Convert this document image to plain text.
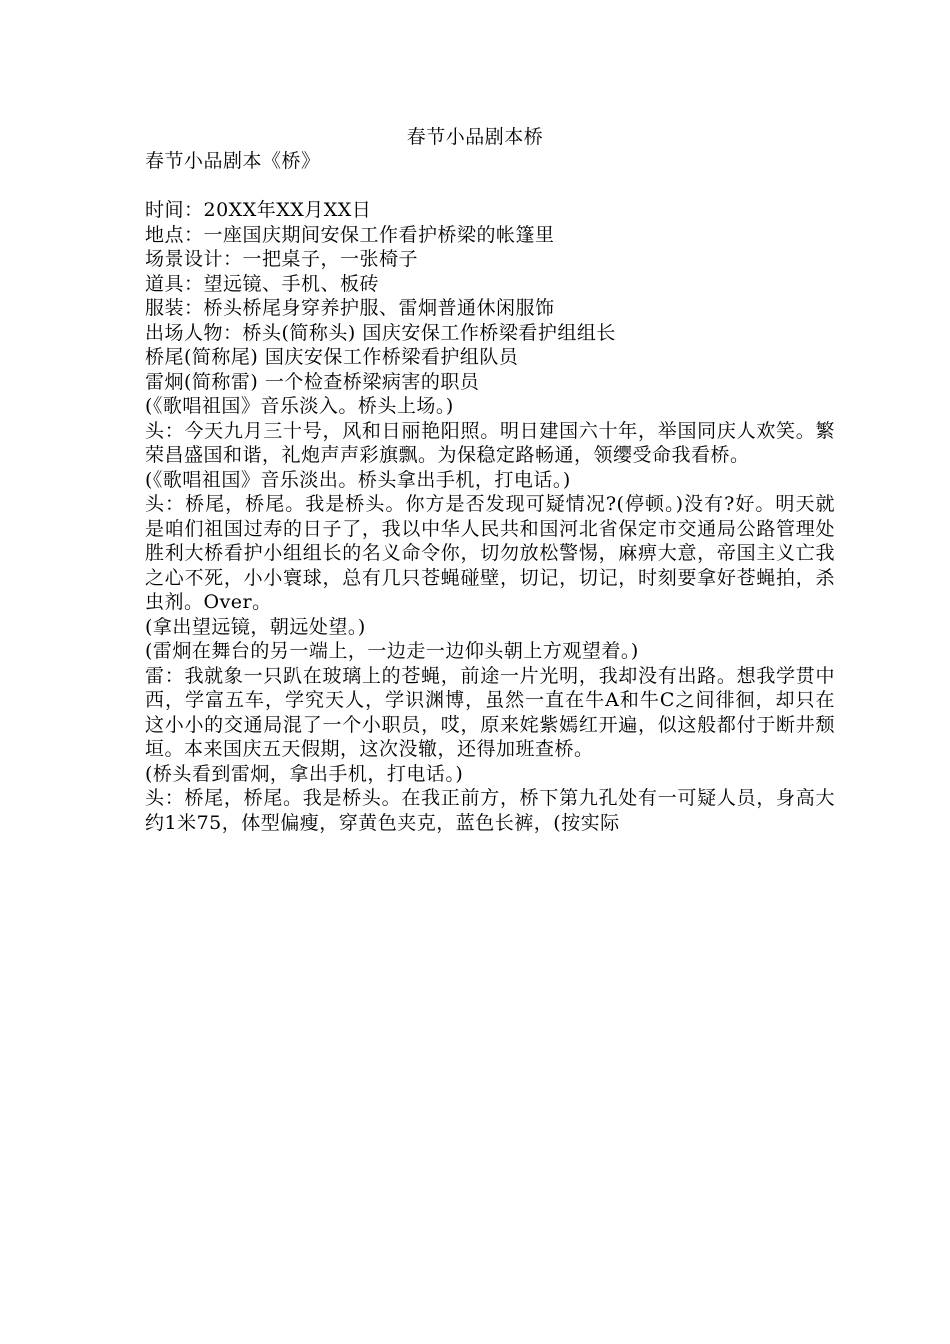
春节小品剧本桥
春节小品剧本《桥》

时间：20XX年XX月XX日
地点：一座国庆期间安保工作看护桥梁的帐篷里
场景设计：一把桌子，一张椅子
道具：望远镜、手机、板砖
服装：桥头桥尾身穿养护服、雷炯普通休闲服饰
出场人物：桥头(简称头) 国庆安保工作桥梁看护组组长
桥尾(简称尾) 国庆安保工作桥梁看护组队员
雷炯(简称雷) 一个检查桥梁病害的职员
(《歌唱祖国》音乐淡入。桥头上场。)
头：今天九月三十号，风和日丽艳阳照。明日建国六十年，举国同庆人欢笑。繁荣昌盛国和谐，礼炮声声彩旗飘。为保稳定路畅通，领缨受命我看桥。
(《歌唱祖国》音乐淡出。桥头拿出手机，打电话。)
头：桥尾，桥尾。我是桥头。你方是否发现可疑情况?(停顿。)没有?好。明天就是咱们祖国过寿的日子了，我以中华人民共和国河北省保定市交通局公路管理处胜利大桥看护小组组长的名义命令你，切勿放松警惕，麻痹大意，帝国主义亡我之心不死，小小寰球，总有几只苍蝇碰壁，切记，切记，时刻要拿好苍蝇拍，杀虫剂。Over。
(拿出望远镜，朝远处望。)
(雷炯在舞台的另一端上，一边走一边仰头朝上方观望着。)
雷：我就象一只趴在玻璃上的苍蝇，前途一片光明，我却没有出路。想我学贯中西，学富五车，学究天人，学识渊博，虽然一直在牛A和牛C之间徘徊，却只在这小小的交通局混了一个小职员，哎，原来姹紫嫣红开遍，似这般都付于断井颓垣。本来国庆五天假期，这次没辙，还得加班查桥。
(桥头看到雷炯，拿出手机，打电话。)
头：桥尾，桥尾。我是桥头。在我正前方，桥下第九孔处有一可疑人员，身高大约1米75，体型偏瘦，穿黄色夹克，蓝色长裤，(按实际
